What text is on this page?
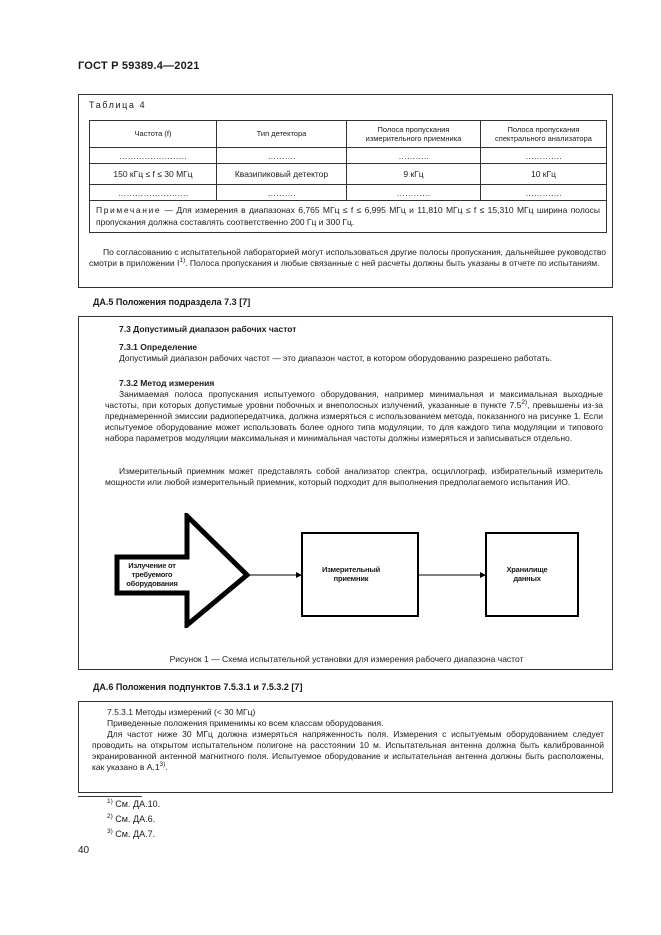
ГОСТ Р 59389.4—2021
Таблица 4
Частота (f)	Тип детектора	Полоса пропускания измерительного приемника	Полоса пропускания спектрального анализатора
……………………	……….	………..	………….
150 кГц ≤ f ≤ 30 МГц	Квазипиковый детектор	9 кГц	10 кГц
…………………….	……….	…………	………….
Примечание — Для измерения в диапазонах 6,765 МГц ≤ f ≤ 6,995 МГц и 11,810 МГц ≤ f ≤ 15,310 МГц ширина полосы пропускания должна составлять соответственно 200 Гц и 300 Гц.			
По согласованию с испытательной лабораторией могут использоваться другие полосы пропускания, дальнейшее руководство смотри в приложении $I^{1)}$. Полоса пропускания и любые связанные с ней расчеты должны быть указаны в отчете по испытаниям.
ДА.5 Положения подраздела 7.3 [7]
7.3 Допустимый диапазон рабочих частот
7.3.1 Определение
Допустимый диапазон рабочих частот — это диапазон частот, в котором оборудованию разрешено работать.
7.3.2 Метод измерения
Занимаемая полоса пропускания испытуемого оборудования, например минимальная и максимальная выходные частоты, при которых допустимые уровни побочных и внеполосных излучений, указанные в пункте 7.5$^{2)}$, превышены из-за преднамеренной эмиссии радиопередатчика, должна измеряться с использованием метода, показанного на рисунке 1. Если испытуемое оборудование может использовать более одного типа модуляции, то для каждого типа модуляции и типового набора параметров модуляции максимальная и минимальная частоты должны измеряться и записываться отдельно.
Измерительный приемник может представлять собой анализатор спектра, осциллограф, избирательный измеритель мощности или любой измерительный приемник, который подходит для выполнения предполагаемого испытания ИО.
Излучение от требуемого оборудования
Измерительный приемник
Хранилище данных
Рисунок 1 — Схема испытательной установки для измерения рабочего диапазона частот
ДА.6 Положения подпунктов 7.5.3.1 и 7.5.3.2 [7]
7.5.3.1 Методы измерений (< 30 МГц)
Приведенные положения применимы ко всем классам оборудования.
Для частот ниже 30 МГц должна измеряться напряженность поля. Измерения с испытуемым оборудованием следует проводить на открытом испытательном полигоне на расстоянии 10 м. Испытательная антенна должна быть калиброванной экранированной антенной магнитного поля. Испытуемое оборудование и испытательная антенна должны быть расположены, как указано в А.1$^{3)}$.
$^{1)}$ См. ДА.10.
$^{2)}$ См. ДА.6.
$^{3)}$ См. ДА.7.
40
